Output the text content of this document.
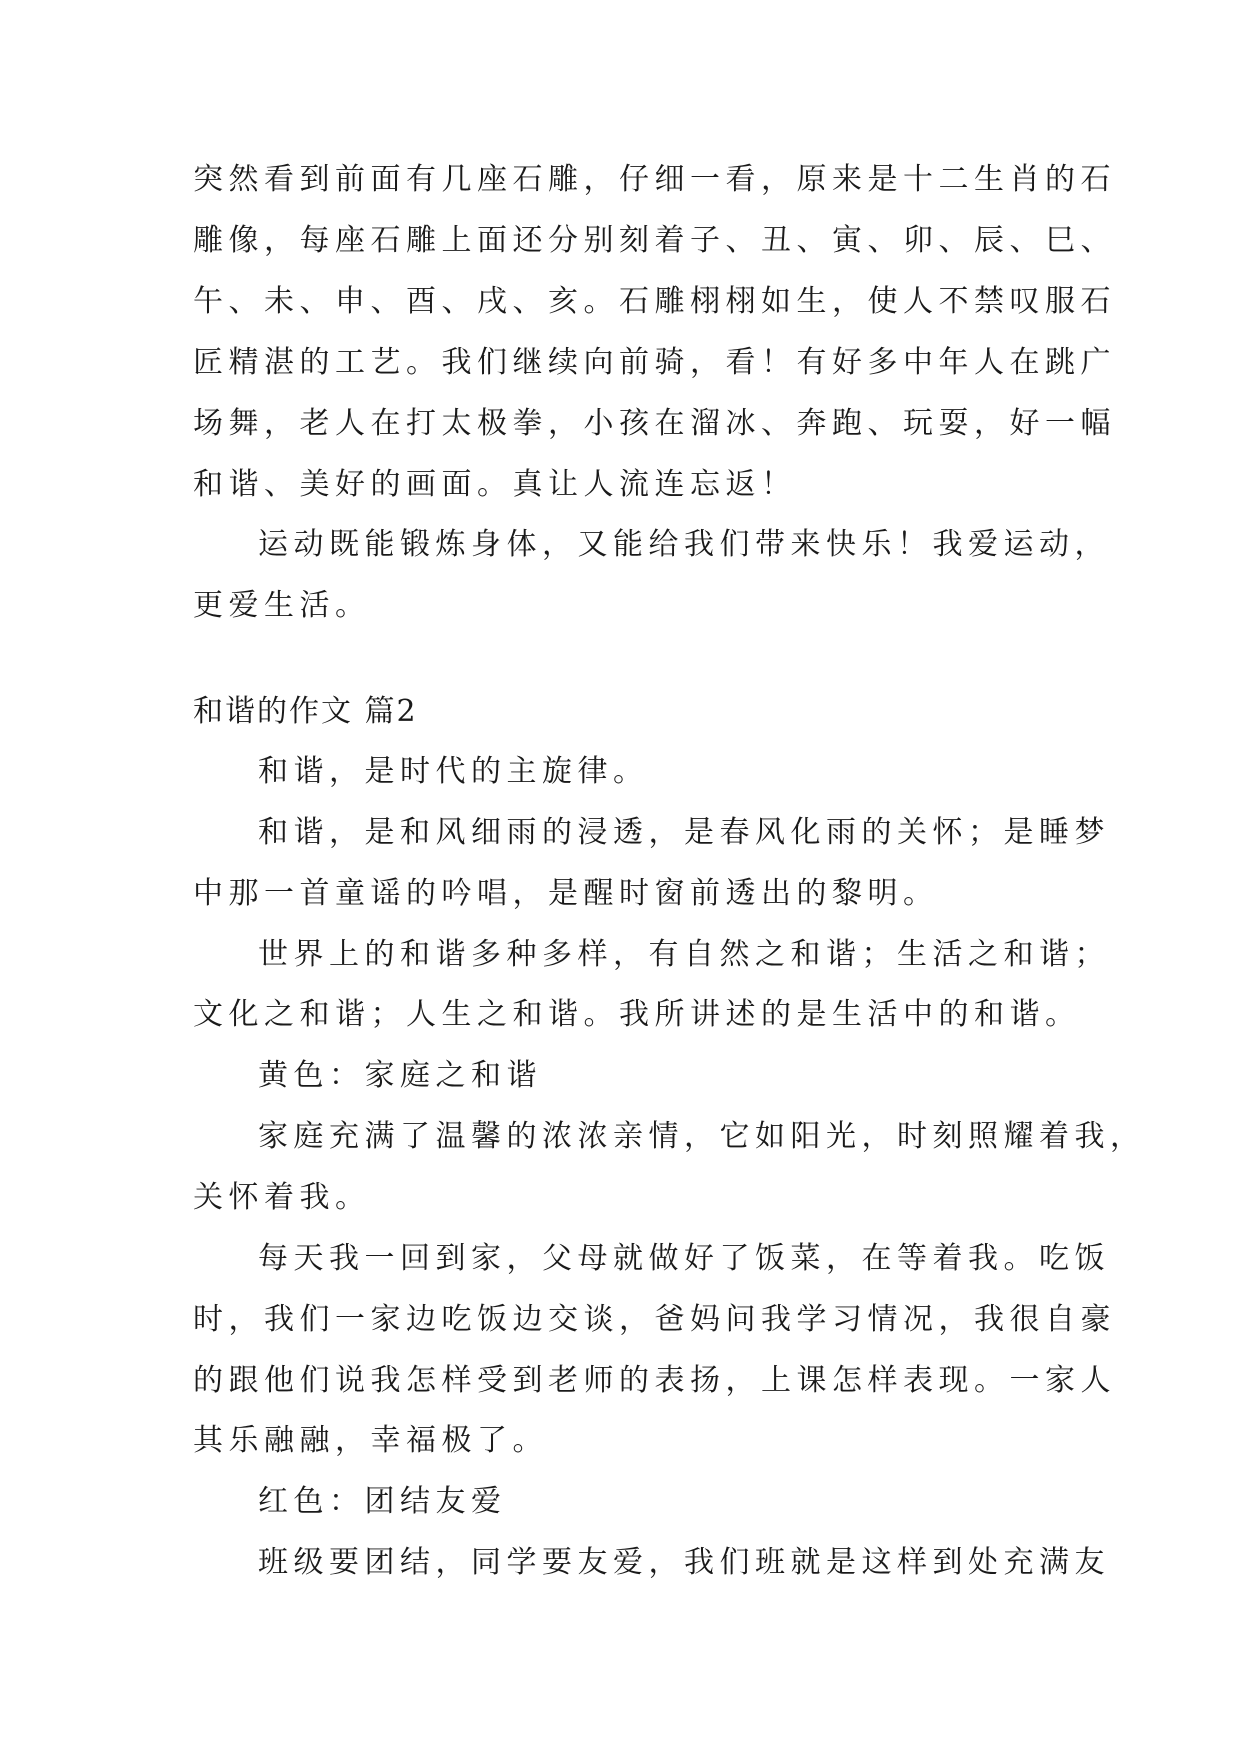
突然看到前面有几座石雕，仔细一看，原来是十二生肖的石
雕像，每座石雕上面还分别刻着子、丑、寅、卯、辰、巳、
午、未、申、酉、戌、亥。石雕栩栩如生，使人不禁叹服石
匠精湛的工艺。我们继续向前骑，看！有好多中年人在跳广
场舞，老人在打太极拳，小孩在溜冰、奔跑、玩耍，好一幅
和谐、美好的画面。真让人流连忘返！
运动既能锻炼身体，又能给我们带来快乐！我爱运动，
更爱生活。
和谐的作文 篇2
和谐，是时代的主旋律。
和谐，是和风细雨的浸透，是春风化雨的关怀；是睡梦
中那一首童谣的吟唱，是醒时窗前透出的黎明。
世界上的和谐多种多样，有自然之和谐；生活之和谐；
文化之和谐；人生之和谐。我所讲述的是生活中的和谐。
黄色：家庭之和谐
家庭充满了温馨的浓浓亲情，它如阳光，时刻照耀着我，
关怀着我。
每天我一回到家，父母就做好了饭菜，在等着我。吃饭
时，我们一家边吃饭边交谈，爸妈问我学习情况，我很自豪
的跟他们说我怎样受到老师的表扬，上课怎样表现。一家人
其乐融融，幸福极了。
红色：团结友爱
班级要团结，同学要友爱，我们班就是这样到处充满友
